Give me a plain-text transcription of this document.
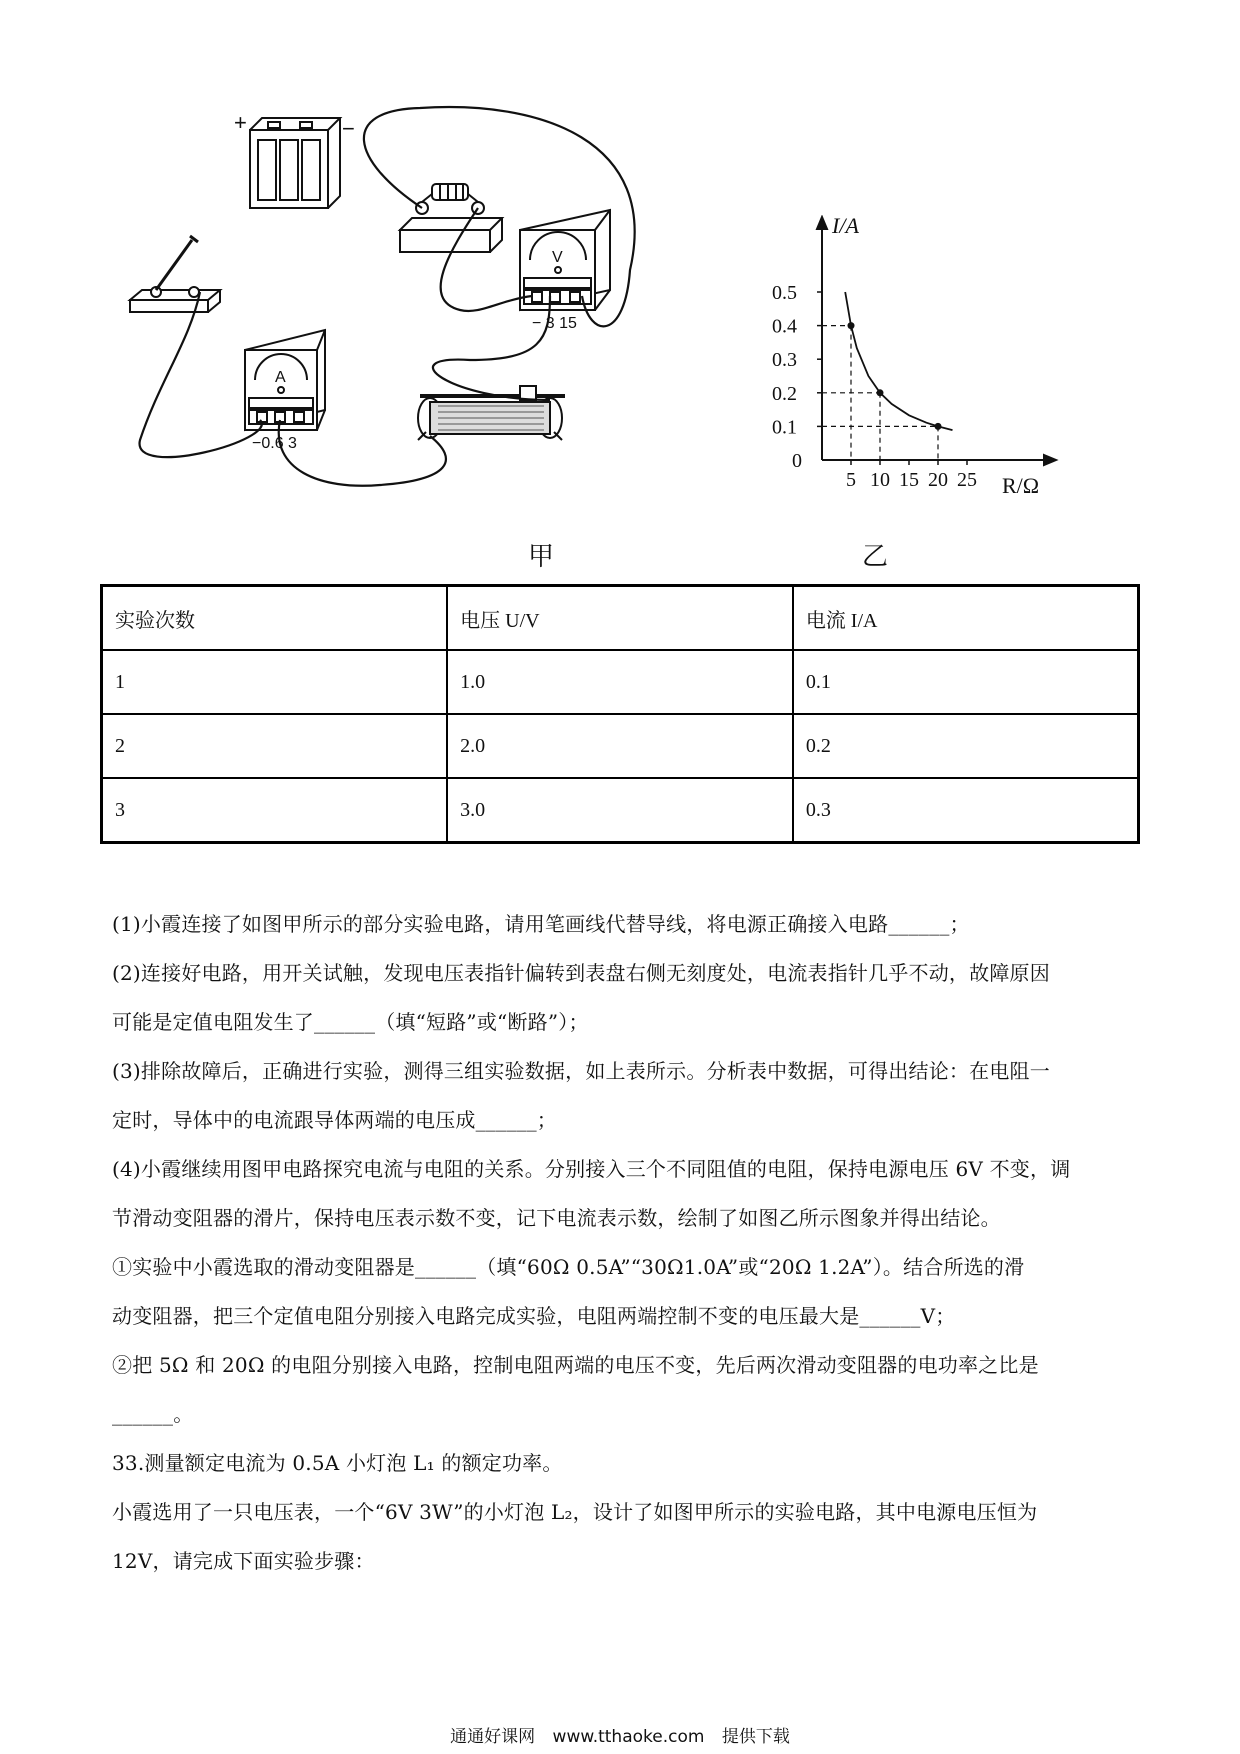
+	−
V
− 3 15
A
−0.6 3
甲
0.1
0.2
0.3
0.4
0.5
5 10 15 20 25
I/A
R/Ω
0
乙
实验次数	电压 U/V	电流 I/A
1	1.0	0.1
2	2.0	0.2
3	3.0	0.3
(1)小霞连接了如图甲所示的部分实验电路，请用笔画线代替导线，将电源正确接入电路______；
(2)连接好电路，用开关试触，发现电压表指针偏转到表盘右侧无刻度处，电流表指针几乎不动，故障原因
可能是定值电阻发生了______（填“短路”或“断路”）；
(3)排除故障后，正确进行实验，测得三组实验数据，如上表所示。分析表中数据，可得出结论：在电阻一
定时，导体中的电流跟导体两端的电压成______；
(4)小霞继续用图甲电路探究电流与电阻的关系。分别接入三个不同阻值的电阻，保持电源电压 6V 不变，调
节滑动变阻器的滑片，保持电压表示数不变，记下电流表示数，绘制了如图乙所示图象并得出结论。
①实验中小霞选取的滑动变阻器是______（填“60Ω 0.5A”“30Ω1.0A”或“20Ω 1.2A”）。结合所选的滑
动变阻器，把三个定值电阻分别接入电路完成实验，电阻两端控制不变的电压最大是______V；
②把 5Ω 和 20Ω 的电阻分别接入电路，控制电阻两端的电压不变，先后两次滑动变阻器的电功率之比是
______。
33.测量额定电流为 0.5A 小灯泡 L₁ 的额定功率。
小霞选用了一只电压表，一个“6V 3W”的小灯泡 L₂，设计了如图甲所示的实验电路，其中电源电压恒为
12V，请完成下面实验步骤：
通通好课网 www.tthaoke.com 提供下载
